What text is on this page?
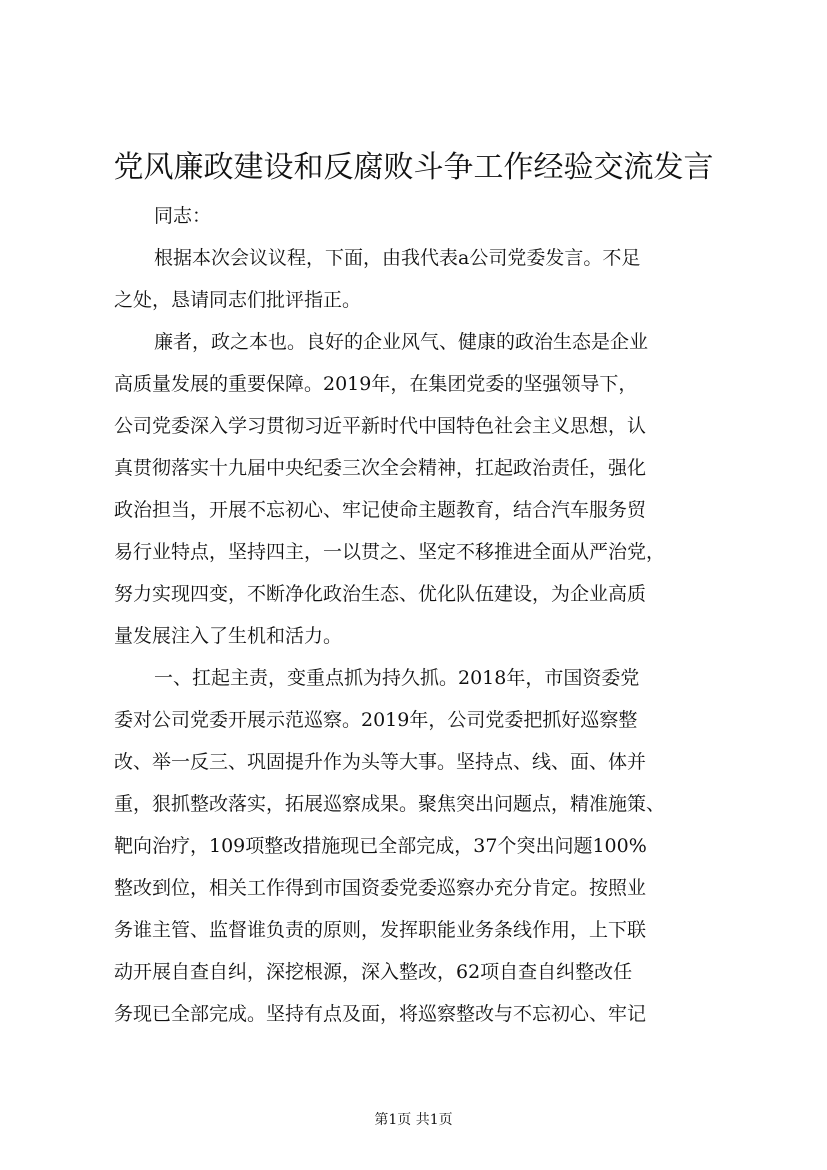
党风廉政建设和反腐败斗争工作经验交流发言
同志：
根据本次会议议程，下面，由我代表a公司党委发言。不足
之处，恳请同志们批评指正。
廉者，政之本也。良好的企业风气、健康的政治生态是企业
高质量发展的重要保障。2019年，在集团党委的坚强领导下，
公司党委深入学习贯彻习近平新时代中国特色社会主义思想，认
真贯彻落实十九届中央纪委三次全会精神，扛起政治责任，强化
政治担当，开展不忘初心、牢记使命主题教育，结合汽车服务贸
易行业特点，坚持四主，一以贯之、坚定不移推进全面从严治党，
努力实现四变，不断净化政治生态、优化队伍建设，为企业高质
量发展注入了生机和活力。
一、扛起主责，变重点抓为持久抓。2018年，市国资委党
委对公司党委开展示范巡察。2019年，公司党委把抓好巡察整
改、举一反三、巩固提升作为头等大事。坚持点、线、面、体并
重，狠抓整改落实，拓展巡察成果。聚焦突出问题点，精准施策、
靶向治疗，109项整改措施现已全部完成，37个突出问题100%
整改到位，相关工作得到市国资委党委巡察办充分肯定。按照业
务谁主管、监督谁负责的原则，发挥职能业务条线作用，上下联
动开展自查自纠，深挖根源，深入整改，62项自查自纠整改任
务现已全部完成。坚持有点及面，将巡察整改与不忘初心、牢记
第1页 共1页
